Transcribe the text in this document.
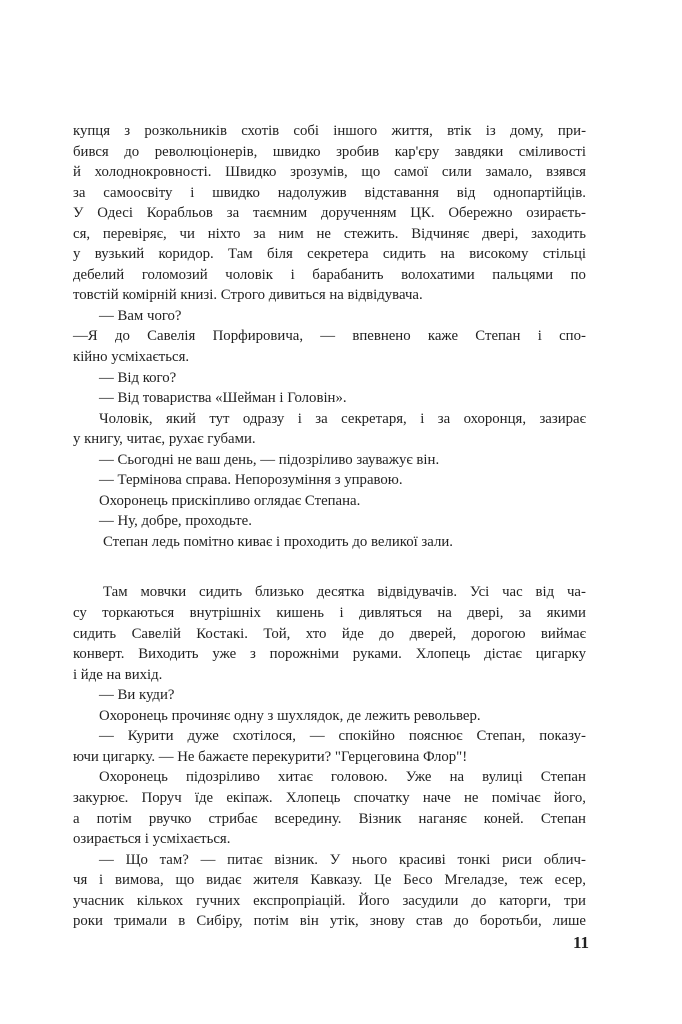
купця з розкольників схотів собі іншого життя, втік із дому, при-
бився до революціонерів, швидко зробив кар'єру завдяки сміливості
й холоднокровності. Швидко зрозумів, що самої сили замало, взявся
за самоосвіту і швидко надолужив відставання від однопартійців.
У Одесі Корабльов за таємним дорученням ЦК. Обережно озираєть-
ся, перевіряє, чи ніхто за ним не стежить. Відчиняє двері, заходить
у вузький коридор. Там біля секретера сидить на високому стільці
дебелий голомозий чоловік і барабанить волохатими пальцями по
товстій комірній книзі. Строго дивиться на відвідувача.
— Вам чого?
—Я до Савелія Порфировича, — впевнено каже Степан і спо-
кійно усміхається.
— Від кого?
— Від товариства «Шейман і Головін».
Чоловік, який тут одразу і за секретаря, і за охоронця, зазирає
у книгу, читає, рухає губами.
— Сьогодні не ваш день, — підозріливо зауважує він.
— Термінова справа. Непорозуміння з управою.
Охоронець прискіпливо оглядає Степана.
— Ну, добре, проходьте.
Степан ледь помітно киває і проходить до великої зали.
Там мовчки сидить близько десятка відвідувачів. Усі час від ча-
су торкаються внутрішніх кишень і дивляться на двері, за якими
сидить Савелій Костакі. Той, хто йде до дверей, дорогою виймає
конверт. Виходить уже з порожніми руками. Хлопець дістає цигарку
і йде на вихід.
— Ви куди?
Охоронець прочиняє одну з шухлядок, де лежить револьвер.
— Курити дуже схотілося, — спокійно пояснює Степан, показу-
ючи цигарку. — Не бажаєте перекурити? "Герцеговина Флор"!
Охоронець підозріливо хитає головою. Уже на вулиці Степан
закурює. Поруч їде екіпаж. Хлопець спочатку наче не помічає його,
а потім рвучко стрибає всередину. Візник наганяє коней. Степан
озирається і усміхається.
— Що там? — питає візник. У нього красиві тонкі риси облич-
чя і вимова, що видає жителя Кавказу. Це Бесо Мгеладзе, теж есер,
учасник кількох гучних експропріацій. Його засудили до каторги, три
роки тримали в Сибіру, потім він утік, знову став до боротьби, лише
11
